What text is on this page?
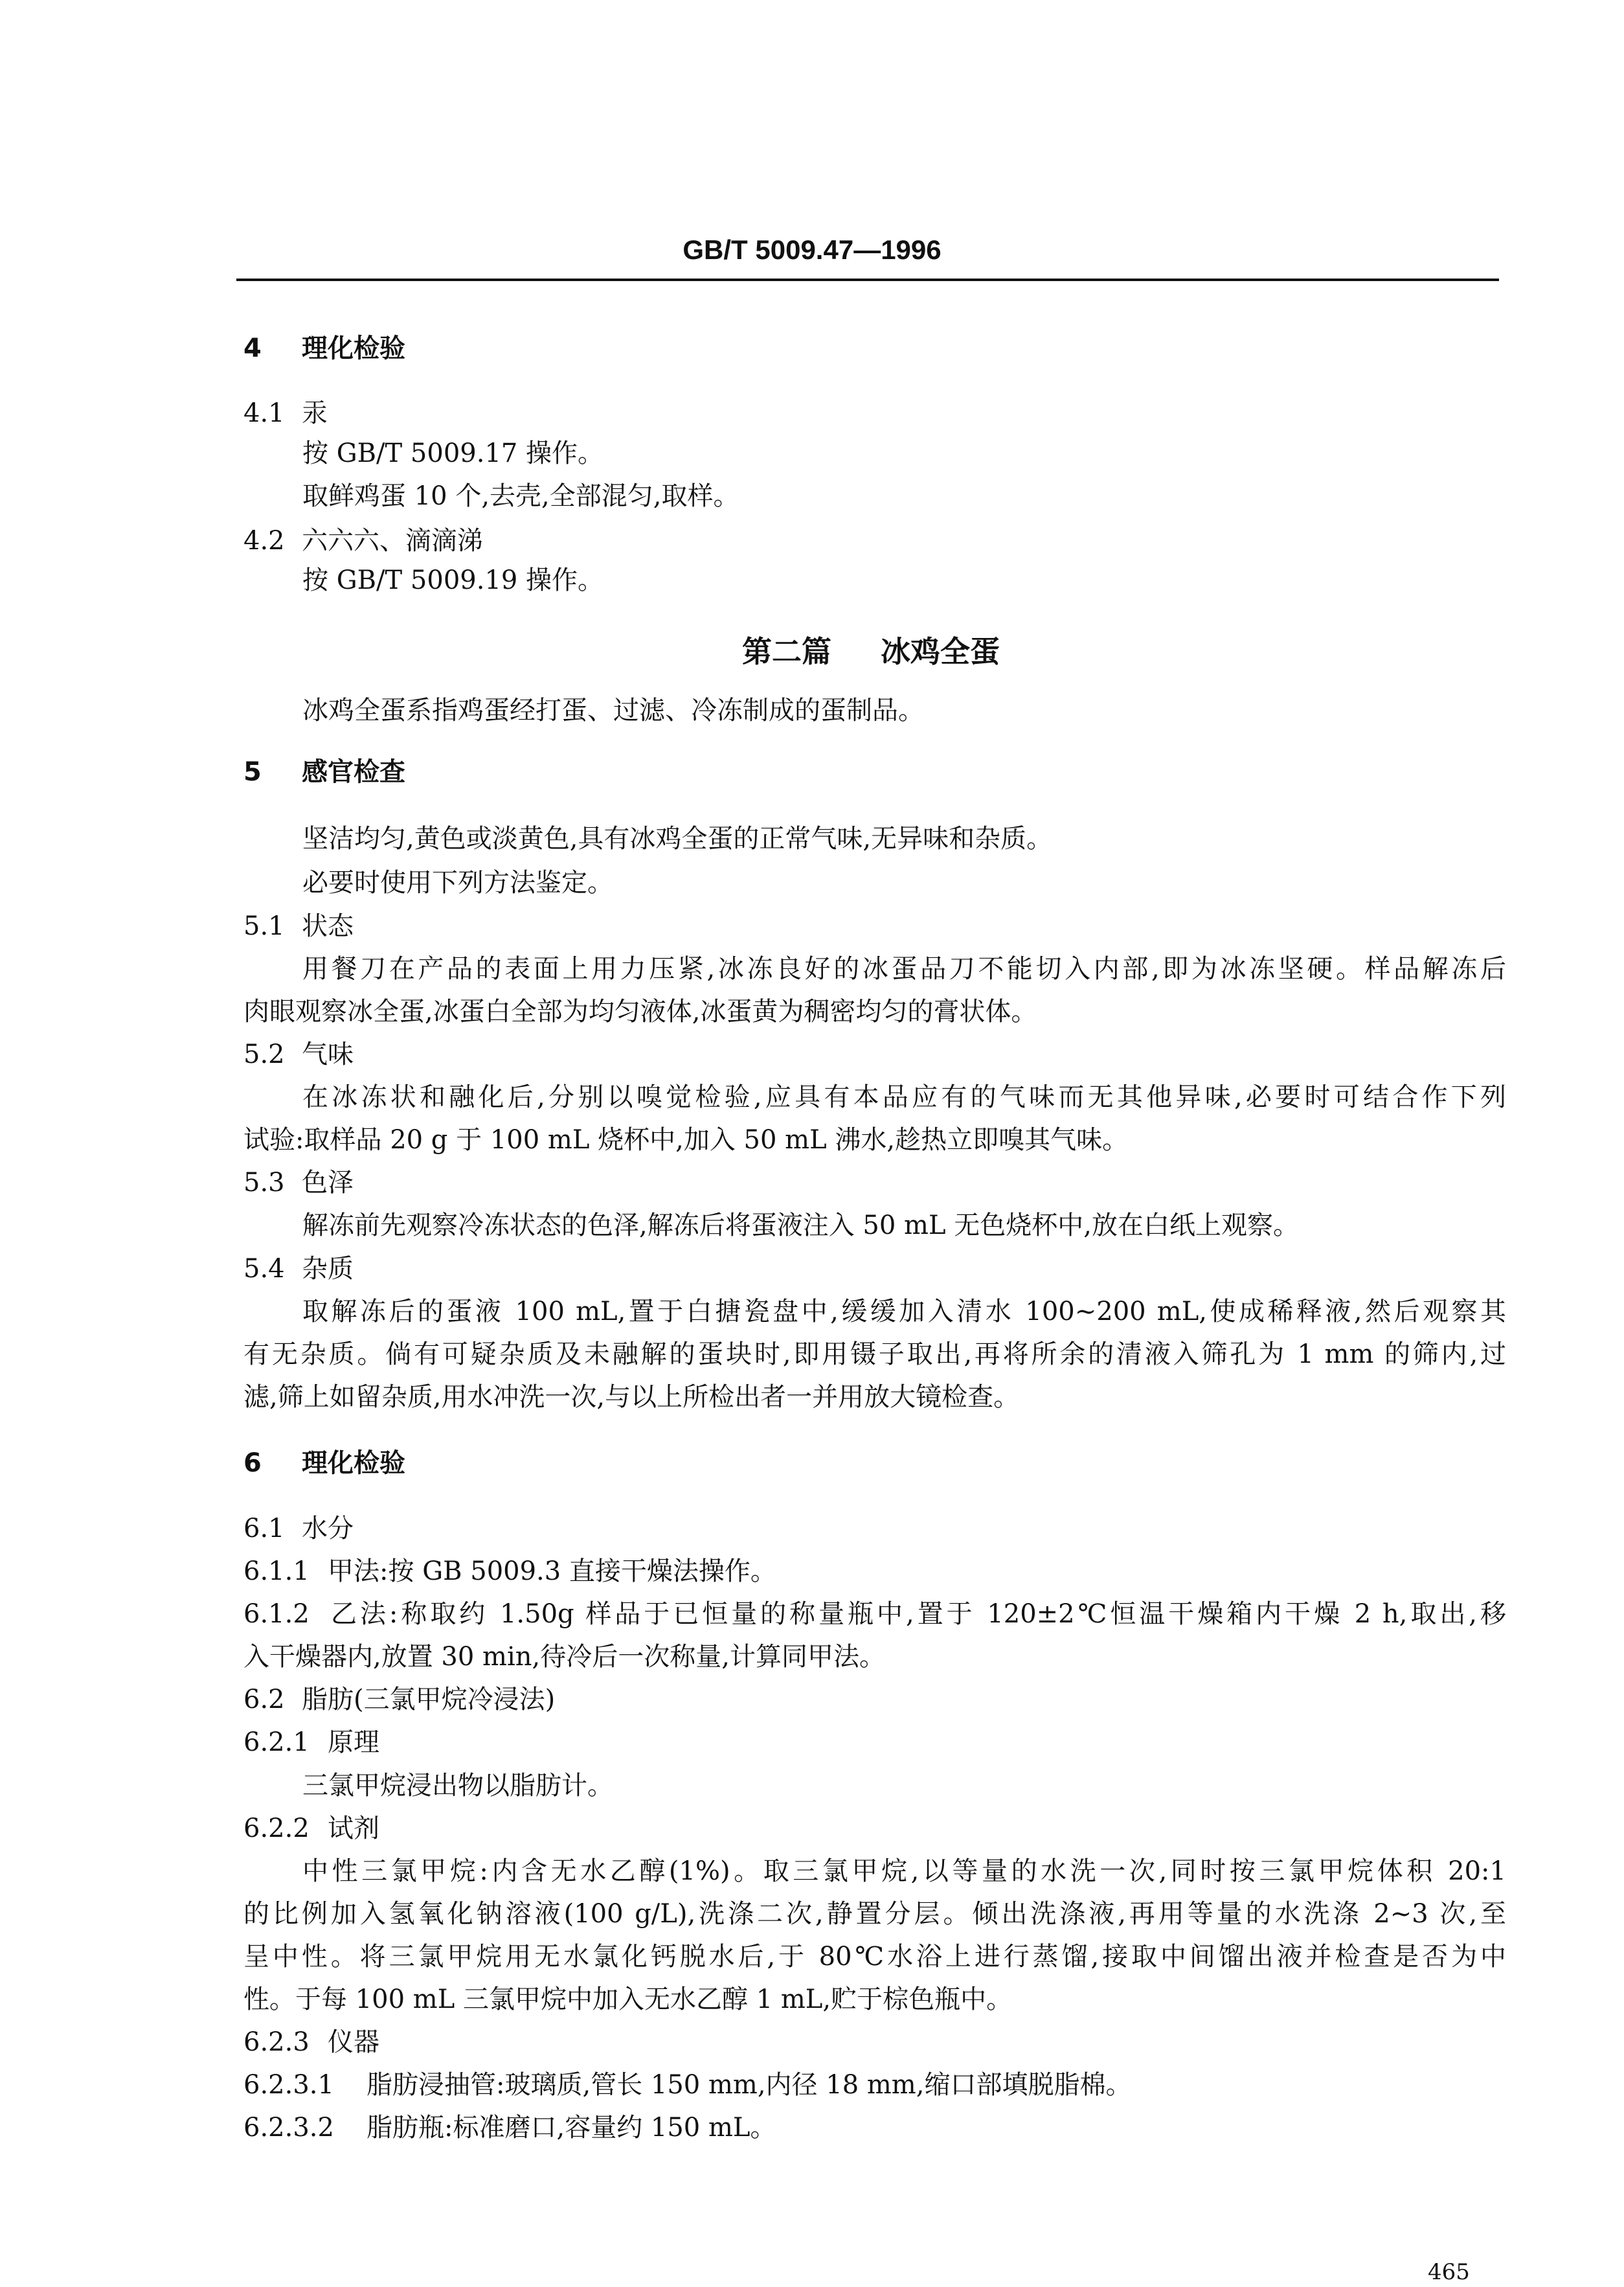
GB/T 5009.47—1996
4 理化检验
4.1 汞
按 GB/T 5009.17 操作。
取鲜鸡蛋 10 个,去壳,全部混匀,取样。
4.2 六六六、滴滴涕
按 GB/T 5009.19 操作。
第二篇 冰鸡全蛋
冰鸡全蛋系指鸡蛋经打蛋、过滤、冷冻制成的蛋制品。
5 感官检查
坚洁均匀,黄色或淡黄色,具有冰鸡全蛋的正常气味,无异味和杂质。
必要时使用下列方法鉴定。
5.1 状态
用餐刀在产品的表面上用力压紧,冰冻良好的冰蛋品刀不能切入内部,即为冰冻坚硬。样品解冻后
肉眼观察冰全蛋,冰蛋白全部为均匀液体,冰蛋黄为稠密均匀的膏状体。
5.2 气味
在冰冻状和融化后,分别以嗅觉检验,应具有本品应有的气味而无其他异味,必要时可结合作下列
试验:取样品 20 g 于 100 mL 烧杯中,加入 50 mL 沸水,趁热立即嗅其气味。
5.3 色泽
解冻前先观察冷冻状态的色泽,解冻后将蛋液注入 50 mL 无色烧杯中,放在白纸上观察。
5.4 杂质
取解冻后的蛋液 100 mL,置于白搪瓷盘中,缓缓加入清水 100~200 mL,使成稀释液,然后观察其
有无杂质。倘有可疑杂质及未融解的蛋块时,即用镊子取出,再将所余的清液入筛孔为 1 mm 的筛内,过
滤,筛上如留杂质,用水冲洗一次,与以上所检出者一并用放大镜检查。
6 理化检验
6.1 水分
6.1.1 甲法:按 GB 5009.3 直接干燥法操作。
6.1.2 乙法:称取约 1.50g 样品于已恒量的称量瓶中,置于 120±2℃恒温干燥箱内干燥 2 h,取出,移
入干燥器内,放置 30 min,待冷后一次称量,计算同甲法。
6.2 脂肪(三氯甲烷冷浸法)
6.2.1 原理
三氯甲烷浸出物以脂肪计。
6.2.2 试剂
中性三氯甲烷:内含无水乙醇(1%)。取三氯甲烷,以等量的水洗一次,同时按三氯甲烷体积 20:1
的比例加入氢氧化钠溶液(100 g/L),洗涤二次,静置分层。倾出洗涤液,再用等量的水洗涤 2~3 次,至
呈中性。将三氯甲烷用无水氯化钙脱水后,于 80℃水浴上进行蒸馏,接取中间馏出液并检查是否为中
性。于每 100 mL 三氯甲烷中加入无水乙醇 1 mL,贮于棕色瓶中。
6.2.3 仪器
6.2.3.1 脂肪浸抽管:玻璃质,管长 150 mm,内径 18 mm,缩口部填脱脂棉。
6.2.3.2 脂肪瓶:标准磨口,容量约 150 mL。
465
